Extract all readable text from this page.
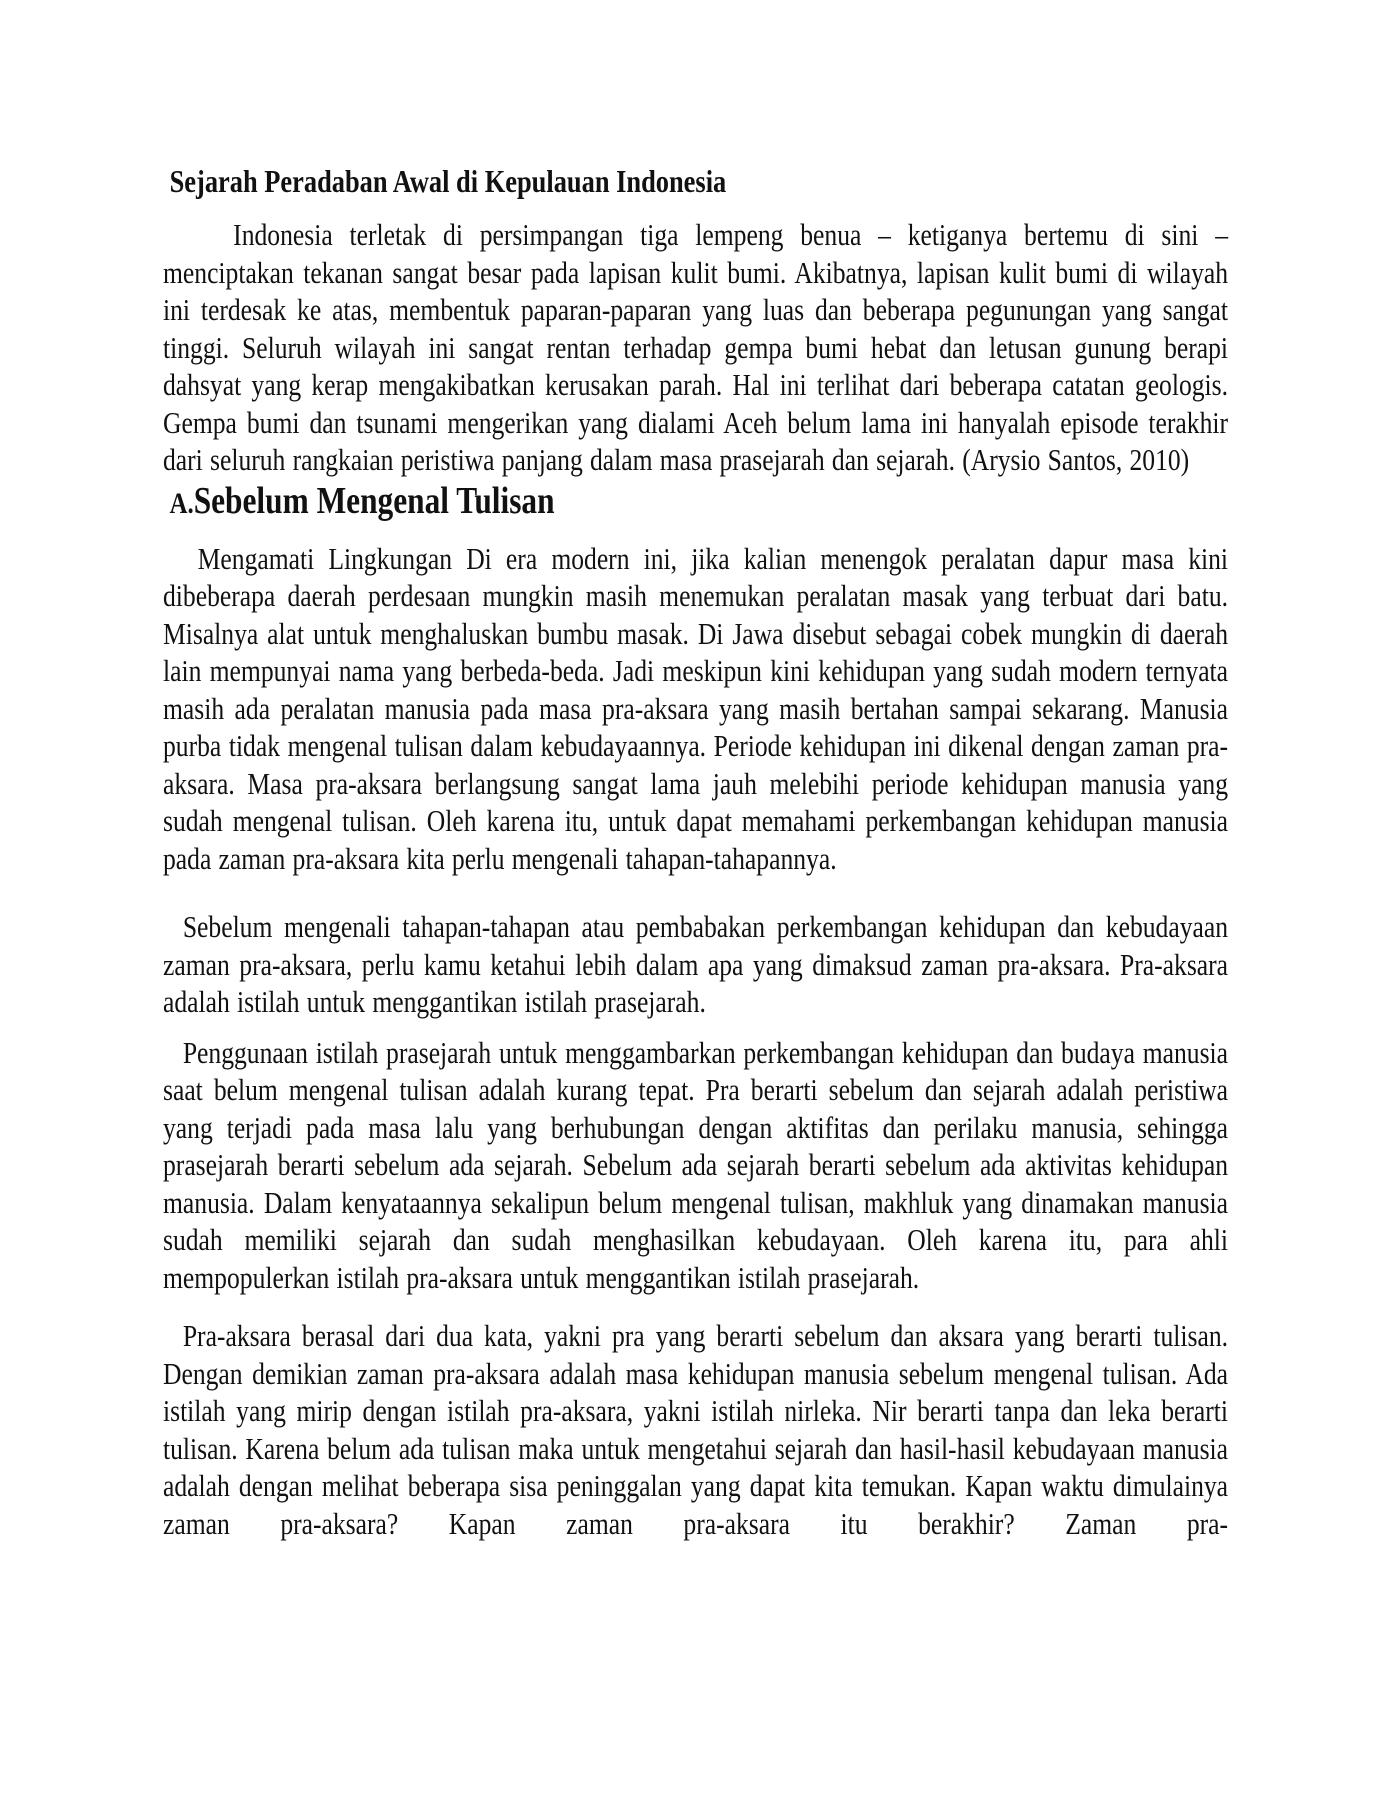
Sejarah Peradaban Awal di Kepulauan Indonesia

Indonesia terletak di persimpangan tiga lempeng benua – ketiganya bertemu di sini – menciptakan tekanan sangat besar pada lapisan kulit bumi. Akibatnya, lapisan kulit bumi di wilayah ini terdesak ke atas, membentuk paparan-paparan yang luas dan beberapa pegunungan yang sangat tinggi. Seluruh wilayah ini sangat rentan terhadap gempa bumi hebat dan letusan gunung berapi dahsyat yang kerap mengakibatkan kerusakan parah. Hal ini terlihat dari beberapa catatan geologis. Gempa bumi dan tsunami mengerikan yang dialami Aceh belum lama ini hanyalah episode terakhir dari seluruh rangkaian peristiwa panjang dalam masa prasejarah dan sejarah. (Arysio Santos, 2010)

A.Sebelum Mengenal Tulisan

Mengamati Lingkungan Di era modern ini, jika kalian menengok peralatan dapur masa kini dibeberapa daerah perdesaan mungkin masih menemukan peralatan masak yang terbuat dari batu. Misalnya alat untuk menghaluskan bumbu masak. Di Jawa disebut sebagai cobek mungkin di daerah lain mempunyai nama yang berbeda-beda. Jadi meskipun kini kehidupan yang sudah modern ternyata masih ada peralatan manusia pada masa pra-aksara yang masih bertahan sampai sekarang. Manusia purba tidak mengenal tulisan dalam kebudayaannya. Periode kehidupan ini dikenal dengan zaman pra-aksara. Masa pra-aksara berlangsung sangat lama jauh melebihi periode kehidupan manusia yang sudah mengenal tulisan. Oleh karena itu, untuk dapat memahami perkembangan kehidupan manusia pada zaman pra-aksara kita perlu mengenali tahapan-tahapannya.

Sebelum mengenali tahapan-tahapan atau pembabakan perkembangan kehidupan dan kebudayaan zaman pra-aksara, perlu kamu ketahui lebih dalam apa yang dimaksud zaman pra-aksara. Pra-aksara adalah istilah untuk menggantikan istilah prasejarah.

Penggunaan istilah prasejarah untuk menggambarkan perkembangan kehidupan dan budaya manusia saat belum mengenal tulisan adalah kurang tepat. Pra berarti sebelum dan sejarah adalah peristiwa yang terjadi pada masa lalu yang berhubungan dengan aktifitas dan perilaku manusia, sehingga prasejarah berarti sebelum ada sejarah. Sebelum ada sejarah berarti sebelum ada aktivitas kehidupan manusia. Dalam kenyataannya sekalipun belum mengenal tulisan, makhluk yang dinamakan manusia sudah memiliki sejarah dan sudah menghasilkan kebudayaan. Oleh karena itu, para ahli mempopulerkan istilah pra-aksara untuk menggantikan istilah prasejarah.

Pra-aksara berasal dari dua kata, yakni pra yang berarti sebelum dan aksara yang berarti tulisan. Dengan demikian zaman pra-aksara adalah masa kehidupan manusia sebelum mengenal tulisan. Ada istilah yang mirip dengan istilah pra-aksara, yakni istilah nirleka. Nir berarti tanpa dan leka berarti tulisan. Karena belum ada tulisan maka untuk mengetahui sejarah dan hasil-hasil kebudayaan manusia adalah dengan melihat beberapa sisa peninggalan yang dapat kita temukan. Kapan waktu dimulainya zaman pra-aksara? Kapan zaman pra-aksara itu berakhir? Zaman pra-
